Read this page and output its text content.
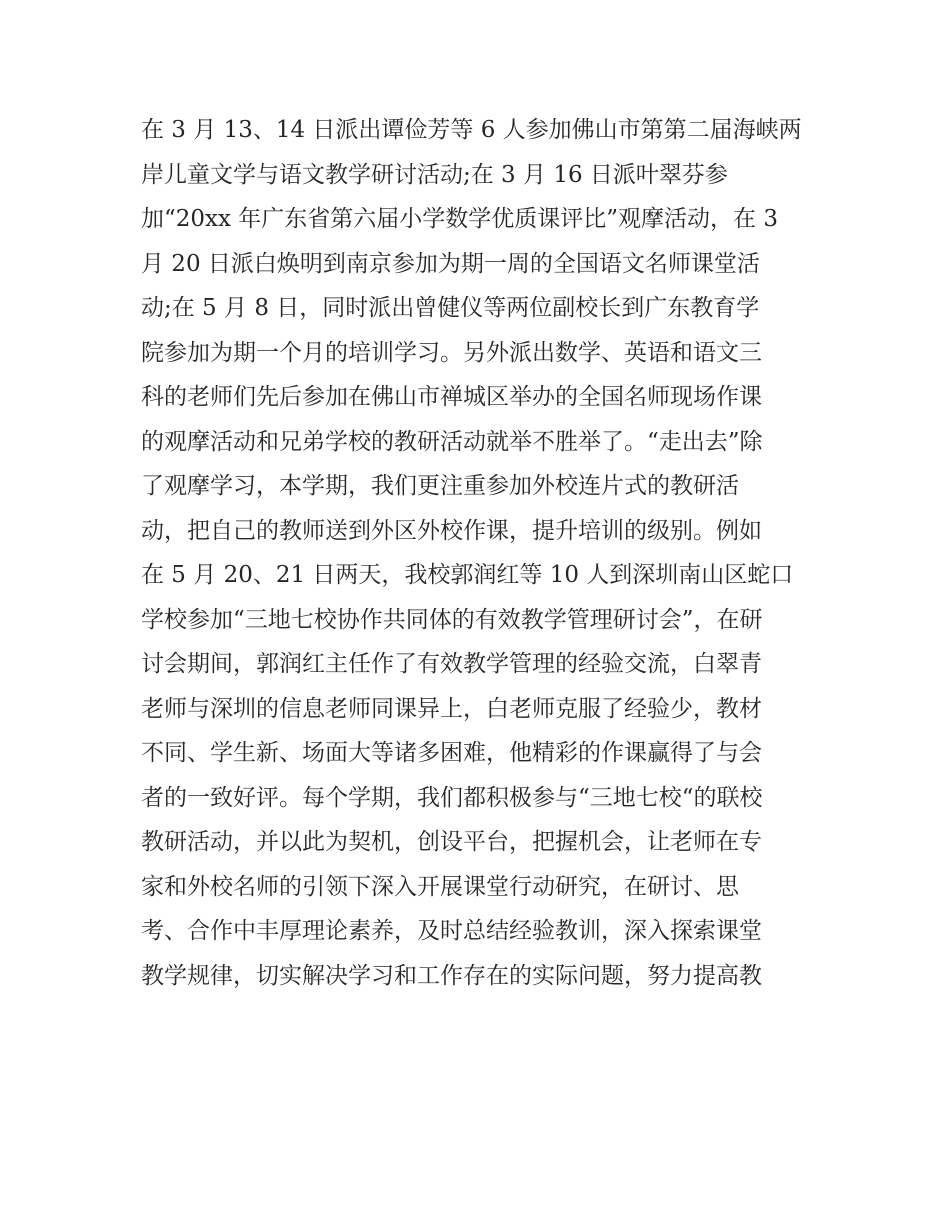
在 3 月 13、14 日派出谭俭芳等 6 人参加佛山市第第二届海峡两
岸儿童文学与语文教学研讨活动;在 3 月 16 日派叶翠芬参
加“20xx 年广东省第六届小学数学优质课评比”观摩活动，在 3
月 20 日派白焕明到南京参加为期一周的全国语文名师课堂活
动;在 5 月 8 日，同时派出曾健仪等两位副校长到广东教育学
院参加为期一个月的培训学习。另外派出数学、英语和语文三
科的老师们先后参加在佛山市禅城区举办的全国名师现场作课
的观摩活动和兄弟学校的教研活动就举不胜举了。“走出去”除
了观摩学习，本学期，我们更注重参加外校连片式的教研活
动，把自己的教师送到外区外校作课，提升培训的级别。例如
在 5 月 20、21 日两天，我校郭润红等 10 人到深圳南山区蛇口
学校参加“三地七校协作共同体的有效教学管理研讨会”，在研
讨会期间，郭润红主任作了有效教学管理的经验交流，白翠青
老师与深圳的信息老师同课异上，白老师克服了经验少，教材
不同、学生新、场面大等诸多困难，他精彩的作课赢得了与会
者的一致好评。每个学期，我们都积极参与“三地七校“的联校
教研活动，并以此为契机，创设平台，把握机会，让老师在专
家和外校名师的引领下深入开展课堂行动研究，在研讨、思
考、合作中丰厚理论素养，及时总结经验教训，深入探索课堂
教学规律，切实解决学习和工作存在的实际问题，努力提高教
